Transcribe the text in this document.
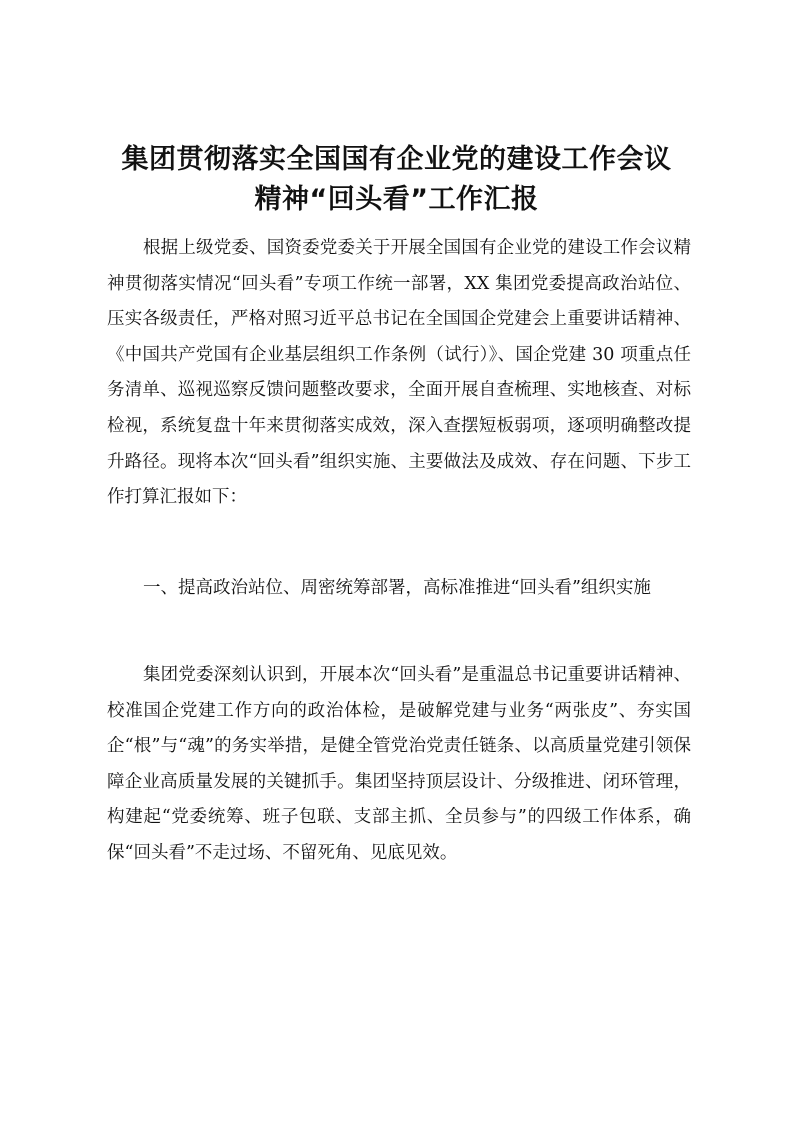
集团贯彻落实全国国有企业党的建设工作会议
精神“回头看”工作汇报

根据上级党委、国资委党委关于开展全国国有企业党的建设工作会议精神贯彻落实情况“回头看”专项工作统一部署，XX 集团党委提高政治站位、压实各级责任，严格对照习近平总书记在全国国企党建会上重要讲话精神、《中国共产党国有企业基层组织工作条例（试行）》、国企党建 30 项重点任务清单、巡视巡察反馈问题整改要求，全面开展自查梳理、实地核查、对标检视，系统复盘十年来贯彻落实成效，深入查摆短板弱项，逐项明确整改提升路径。现将本次“回头看”组织实施、主要做法及成效、存在问题、下步工作打算汇报如下：

一、提高政治站位、周密统筹部署，高标准推进“回头看”组织实施

集团党委深刻认识到，开展本次“回头看”是重温总书记重要讲话精神、校准国企党建工作方向的政治体检，是破解党建与业务“两张皮”、夯实国企“根”与“魂”的务实举措，是健全管党治党责任链条、以高质量党建引领保障企业高质量发展的关键抓手。集团坚持顶层设计、分级推进、闭环管理，构建起“党委统筹、班子包联、支部主抓、全员参与”的四级工作体系，确保“回头看”不走过场、不留死角、见底见效。
